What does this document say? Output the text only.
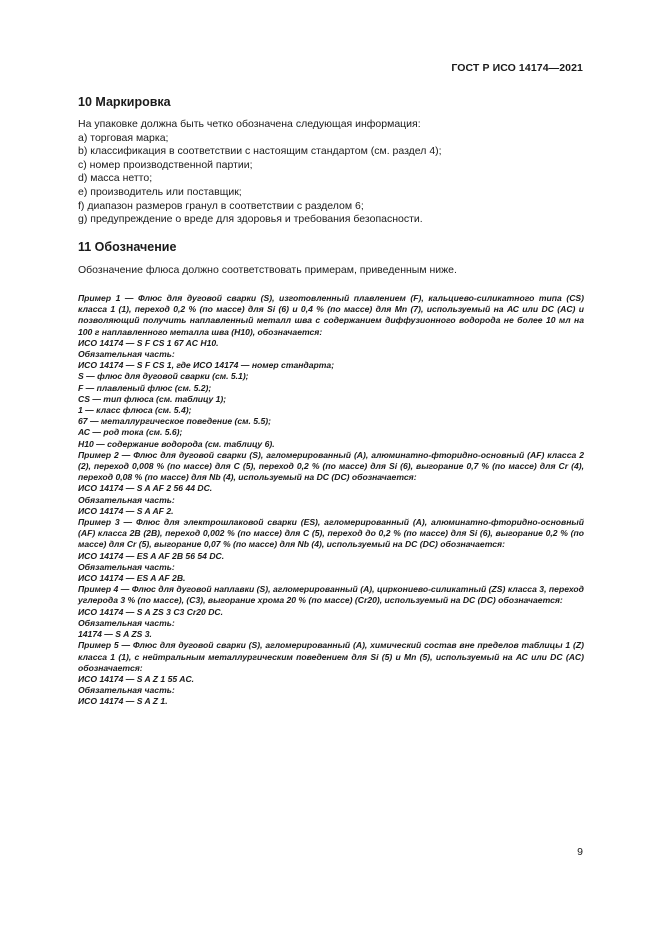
ГОСТ Р ИСО 14174—2021
10 Маркировка
На упаковке должна быть четко обозначена следующая информация:
a) торговая марка;
b) классификация в соответствии с настоящим стандартом (см. раздел 4);
c) номер производственной партии;
d) масса нетто;
e) производитель или поставщик;
f) диапазон размеров гранул в соответствии с разделом 6;
g) предупреждение о вреде для здоровья и требования безопасности.
11 Обозначение
Обозначение флюса должно соответствовать примерам, приведенным ниже.

Пример 1 — Флюс для дуговой сварки (S), изготовленный плавлением (F), кальциево-силикатного типа (CS) класса 1 (1), переход 0,2 % (по массе) для Si (6) и 0,4 % (по массе) для Mn (7), используемый на АС или DC (AC) и позволяющий получить наплавленный металл шва с содержанием диффузионного водорода не более 10 мл на 100 г наплавленного металла шва (Н10), обозначается:

ИСО 14174 — S F CS 1 67 AC Н10.

Обязательная часть:

ИСО 14174 — S F CS 1, где ИСО 14174 — номер стандарта;

S — флюс для дуговой сварки (см. 5.1);

F — плавленый флюс (см. 5.2);

CS — тип флюса (см. таблицу 1);

1 — класс флюса (см. 5.4);

67 — металлургическое поведение (см. 5.5);

АС — род тока (см. 5.6);

Н10 — содержание водорода (см. таблицу 6).

Пример 2 — Флюс для дуговой сварки (S), агломерированный (А), алюминатно-фторидно-основный (AF) класса 2 (2), переход 0,008 % (по массе) для С (5), переход 0,2 % (по массе) для Si (6), выгорание 0,7 % (по массе) для Cr (4), переход 0,08 % (по массе) для Nb (4), используемый на DC (DC) обозначается:

ИСО 14174 — S A AF 2 56 44 DC.

Обязательная часть:

ИСО 14174 — S A AF 2.

Пример 3 — Флюс для электрошлаковой сварки (ES), агломерированный (А), алюминатно-фторидно-основный (AF) класса 2В (2В), переход 0,002 % (по массе) для С (5), переход до 0,2 % (по массе) для Si (6), выгорание 0,2 % (по массе) для Cr (5), выгорание 0,07 % (по массе) для Nb (4), используемый на DC (DC) обозначается:

ИСО 14174 — ES A AF 2B 56 54 DC.

Обязательная часть:

ИСО 14174 — ES A AF 2B.

Пример 4 — Флюс для дуговой наплавки (S), агломерированный (А), циркониево-силикатный (ZS) класса 3, переход углерода 3 % (по массе), (С3), выгорание хрома 20 % (по массе) (Cr20), используемый на DC (DC) обозначается:

ИСО 14174 — S A ZS 3 C3 Cr20 DC.

Обязательная часть:

14174 — S A ZS 3.

Пример 5 — Флюс для дуговой сварки (S), агломерированный (А), химический состав вне пределов таблицы 1 (Z) класса 1 (1), с нейтральным металлургическим поведением для Si (5) и Mn (5), используемый на АС или DC (AC) обозначается:

ИСО 14174 — S A Z 1 55 AC.

Обязательная часть:

ИСО 14174 — S A Z 1.

9
